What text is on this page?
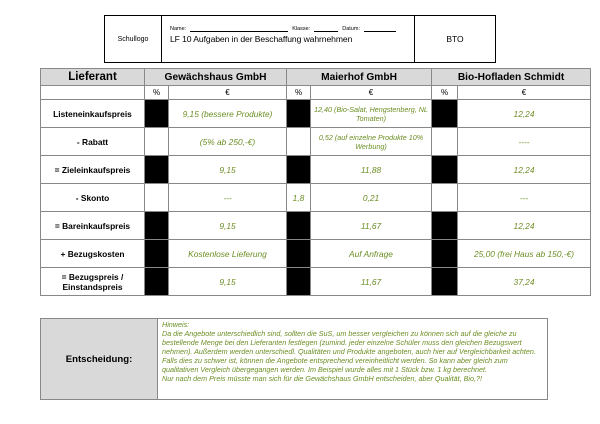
Schullogo
Name:	Klasse:	Datum:
LF 10 Aufgaben in der Beschaffung wahrnehmen	BTO
Lieferant	Gewächshaus GmbH		Maierhof GmbH		Bio-Hofladen Schmidt	
	%	€	%	€	%	€
Listeneinkaufspreis		9,15 (bessere Produkte)		12,40 (Bio-Salat, Hengstenberg, NL Tomaten)		12,24
- Rabatt		(5% ab 250,-€)		0,52 (auf einzelne Produkte 10% Werbung)		----
= Zieleinkaufspreis		9,15		11,88		12,24
- Skonto		---	1,8	0,21		---
= Bareinkaufspreis		9,15		11,67		12,24
+ Bezugskosten		Kostenlose Lieferung		Auf Anfrage		25,00 (frei Haus ab 150,-€)
= Bezugspreis / Einstandspreis		9,15		11,67		37,24
Entscheidung:	
Hinweis:
Da die Angebote unterschiedlich sind, sollten die SuS, um besser vergleichen zu können sich auf die gleiche zu bestellende Menge bei den Lieferanten festlegen (zumind. jeder einzelne Schüler muss den gleichen Bezugswert nehmen). Außerdem werden unterschiedl. Qualitäten und Produkte angeboten, auch hier auf Vergleichbarkeit achten. Falls dies zu schwer ist, können die Angebote entsprechend vereinheitlicht werden. So kann aber gleich zum qualitativen Vergleich übergegangen werden. Im Beispiel wurde alles mit 1 Stück bzw. 1 kg berechnet.
Nur nach dem Preis müsste man sich für die Gewächshaus GmbH entscheiden, aber Qualität, Bio,?!
